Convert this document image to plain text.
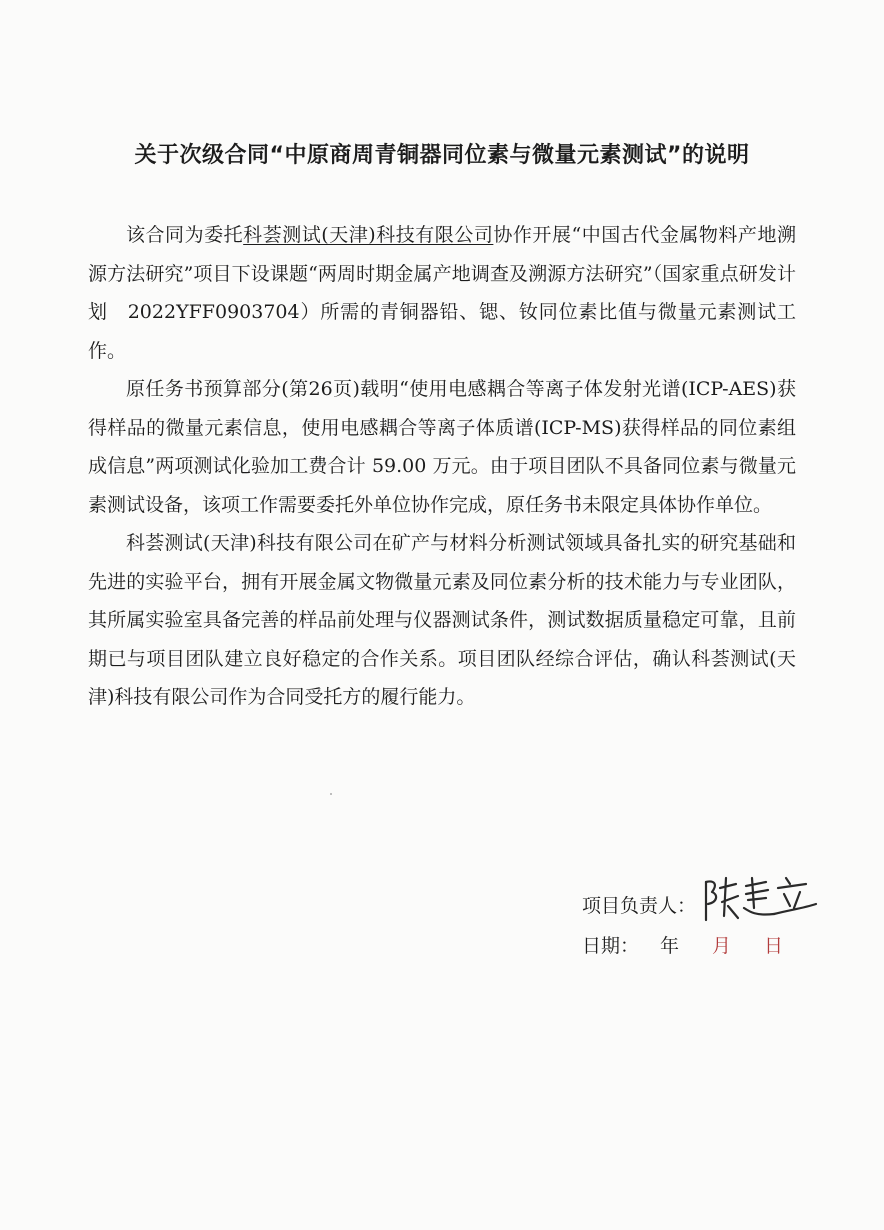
关于次级合同“中原商周青铜器同位素与微量元素测试”的说明

该合同为委托科荟测试(天津)科技有限公司协作开展“中国古代金属物料产地溯源方法研究”项目下设课题“两周时期金属产地调查及溯源方法研究”（国家重点研发计划　2022YFF0903704）所需的青铜器铅、锶、钕同位素比值与微量元素测试工作。

原任务书预算部分(第26页)载明“使用电感耦合等离子体发射光谱(ICP-AES)获得样品的微量元素信息，使用电感耦合等离子体质谱(ICP-MS)获得样品的同位素组成信息”两项测试化验加工费合计 59.00 万元。由于项目团队不具备同位素与微量元素测试设备，该项工作需要委托外单位协作完成，原任务书未限定具体协作单位。

科荟测试(天津)科技有限公司在矿产与材料分析测试领域具备扎实的研究基础和先进的实验平台，拥有开展金属文物微量元素及同位素分析的技术能力与专业团队，其所属实验室具备完善的样品前处理与仪器测试条件，测试数据质量稳定可靠，且前期已与项目团队建立良好稳定的合作关系。项目团队经综合评估，确认科荟测试(天津)科技有限公司作为合同受托方的履行能力。

项目负责人：
日期： 年 月 日
